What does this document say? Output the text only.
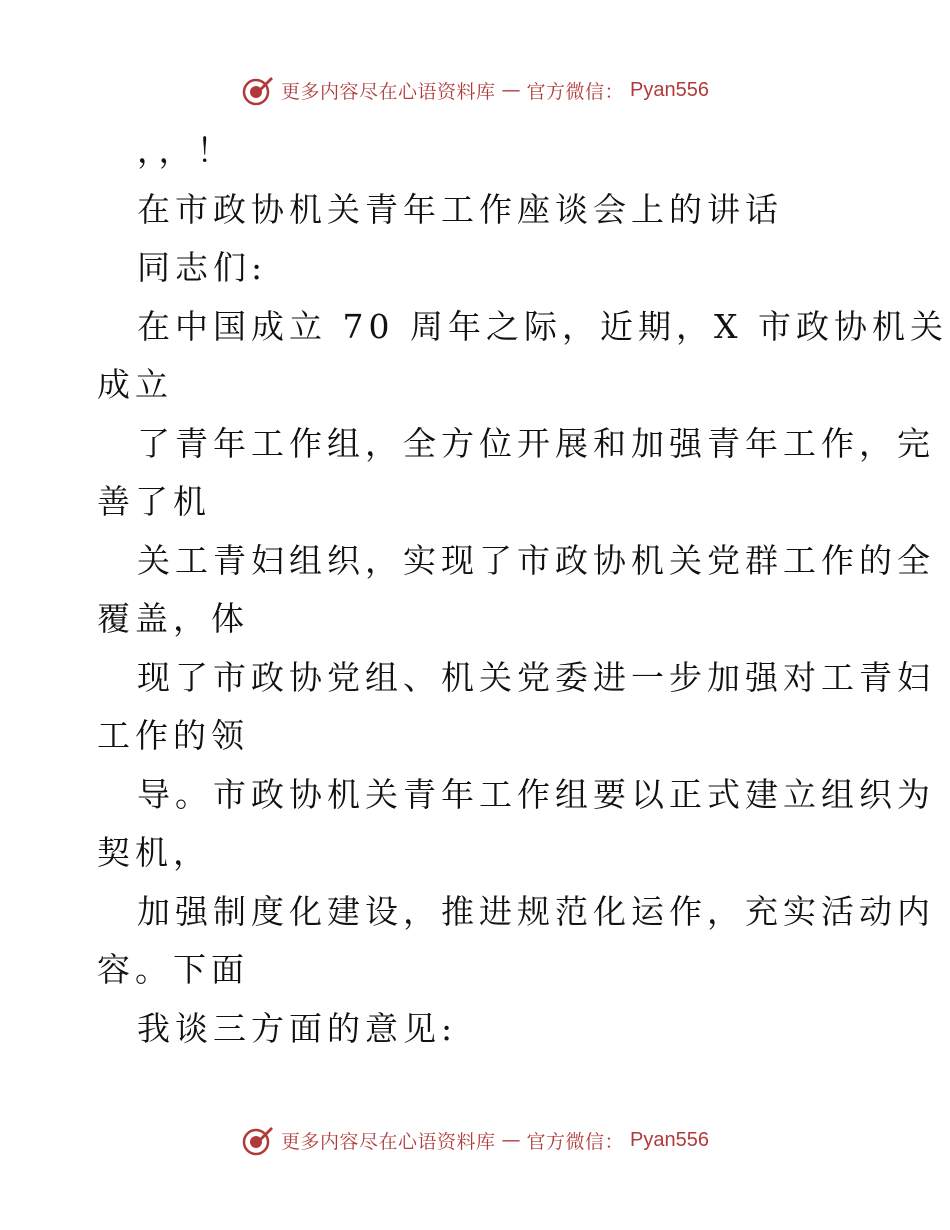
更多内容尽在心语资料库 — 官方微信： Pyan556
，，！
在市政协机关青年工作座谈会上的讲话
同志们:
在中国成立 70 周年之际，近期，X 市政协机关
成立
了青年工作组，全方位开展和加强青年工作，完
善了机
关工青妇组织，实现了市政协机关党群工作的全
覆盖，体
现了市政协党组、机关党委进一步加强对工青妇
工作的领
导。市政协机关青年工作组要以正式建立组织为
契机，
加强制度化建设，推进规范化运作，充实活动内
容。下面
我谈三方面的意见:
更多内容尽在心语资料库 — 官方微信： Pyan556
